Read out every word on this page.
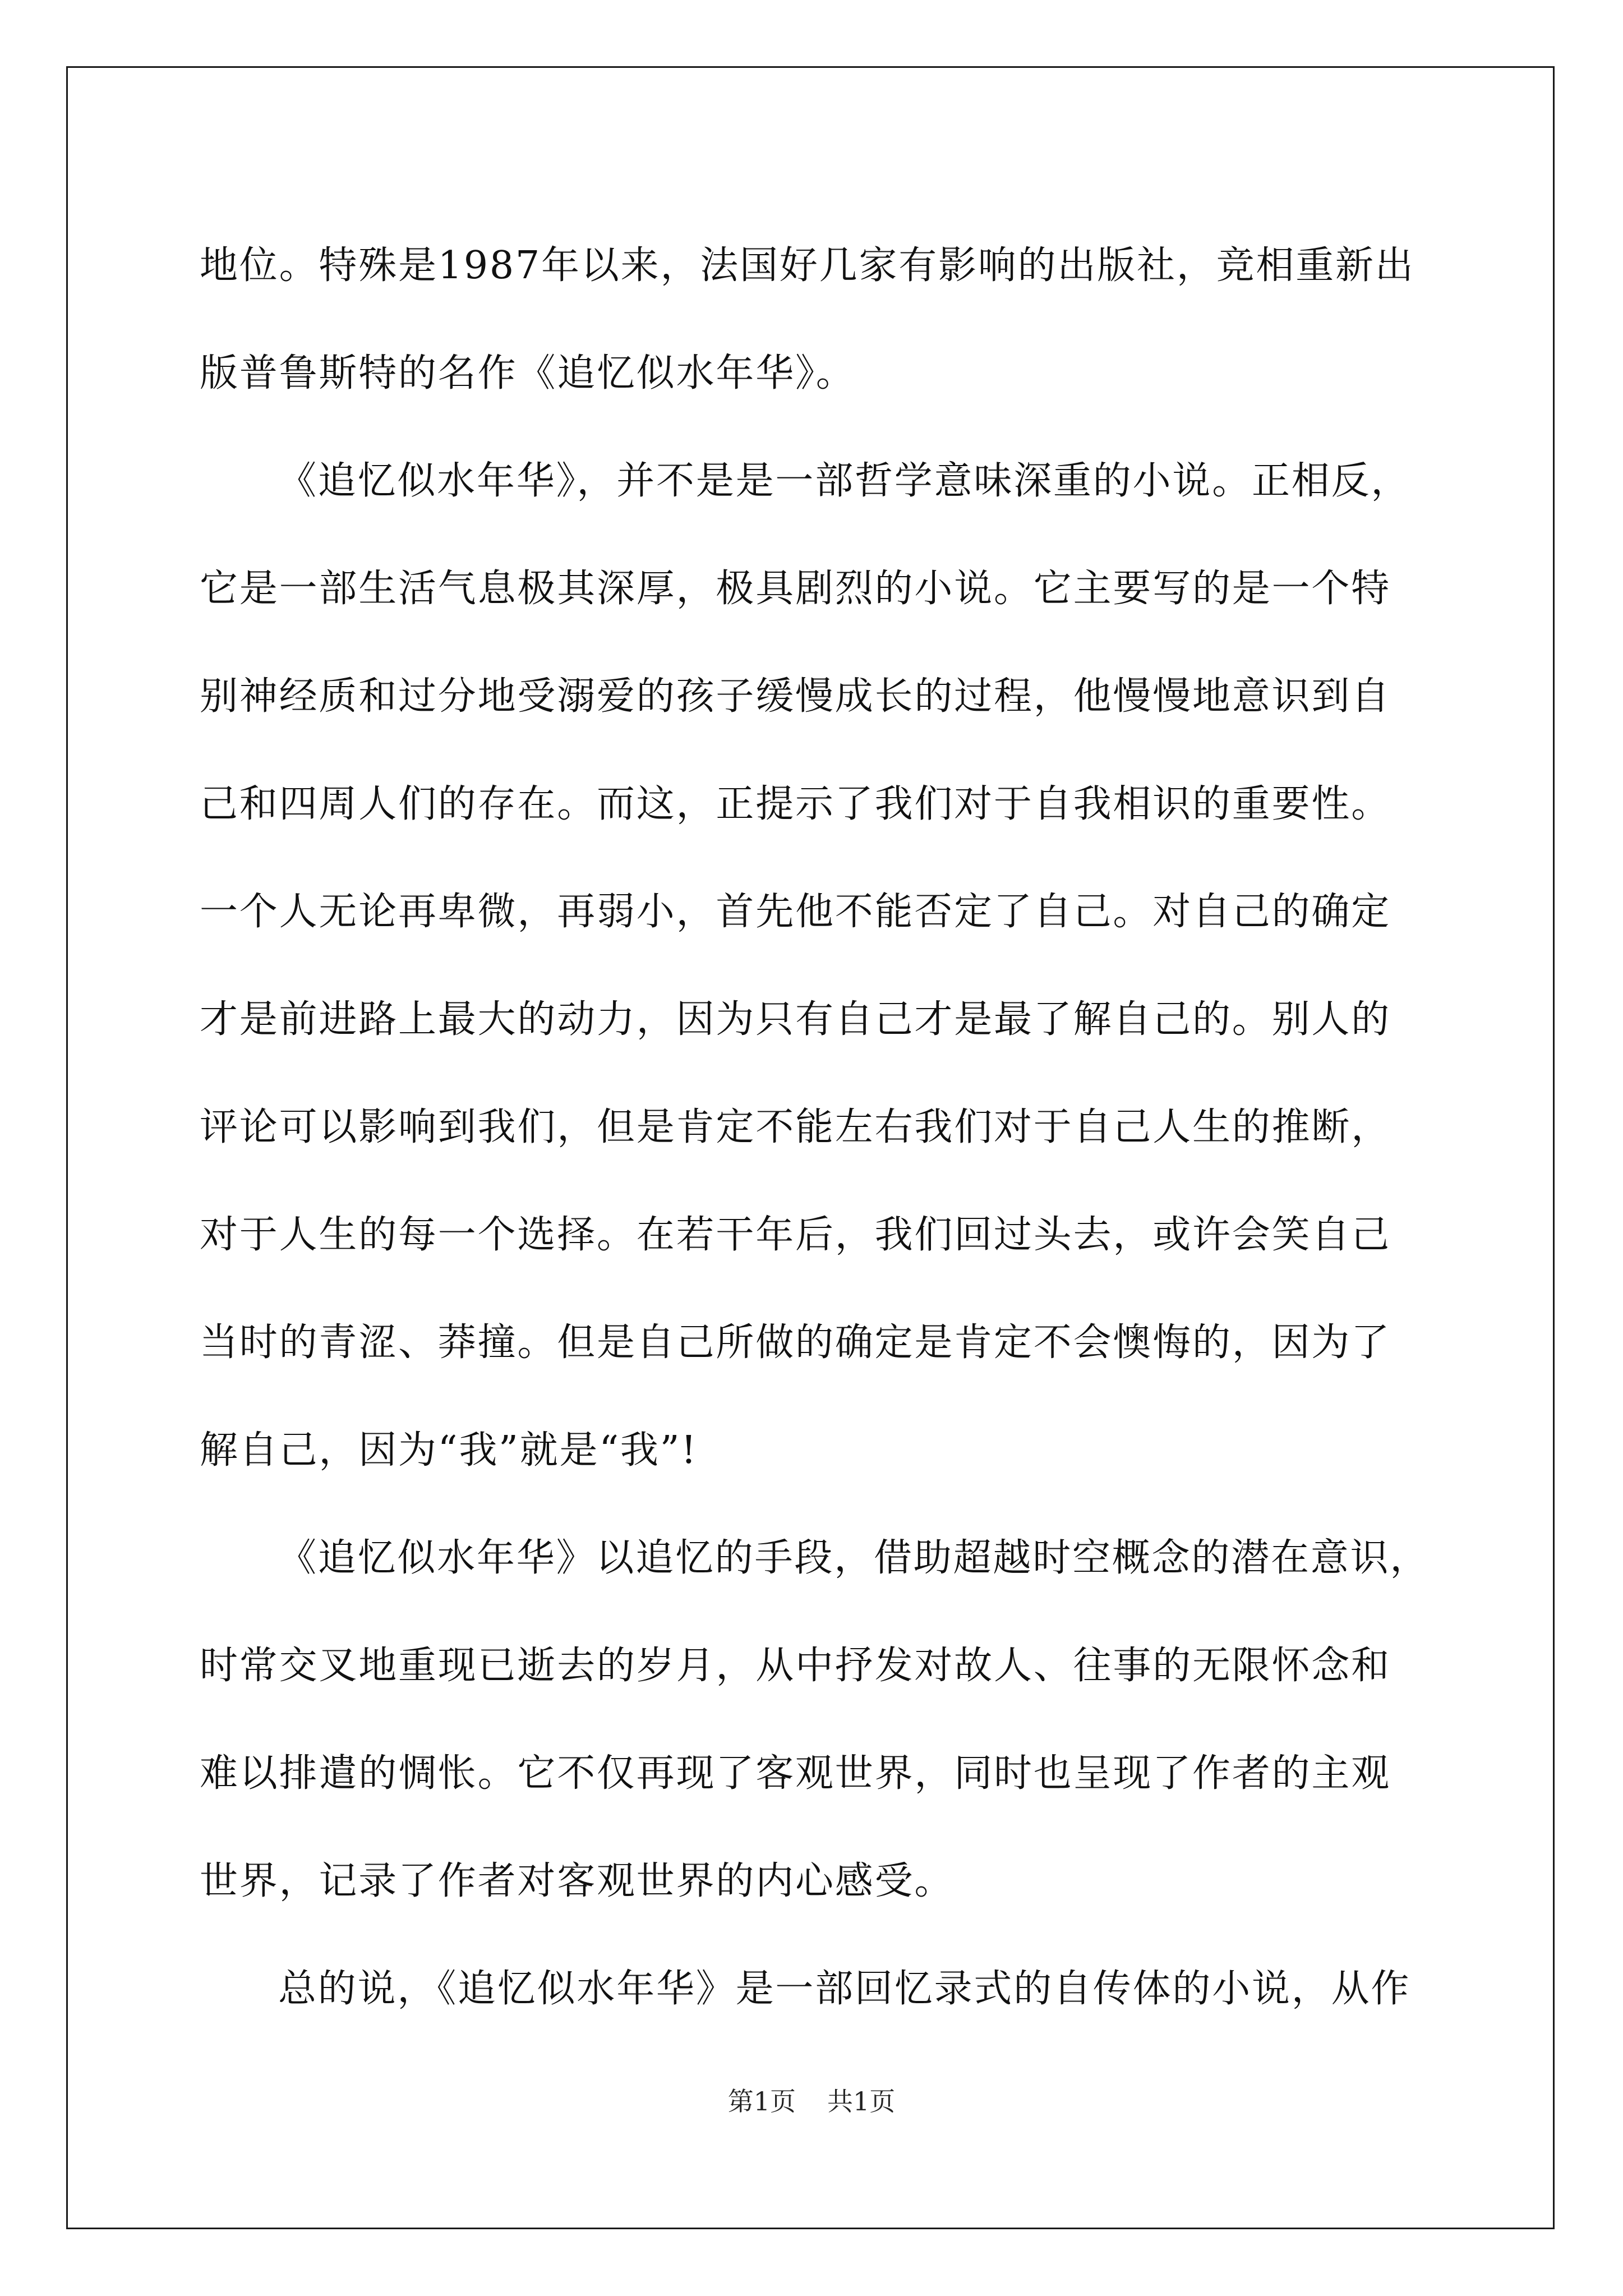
地位。特殊是1987年以来，法国好几家有影响的出版社，竞相重新出
版普鲁斯特的名作《追忆似水年华》。
《追忆似水年华》，并不是是一部哲学意味深重的小说。正相反，
它是一部生活气息极其深厚，极具剧烈的小说。它主要写的是一个特
别神经质和过分地受溺爱的孩子缓慢成长的过程，他慢慢地意识到自
己和四周人们的存在。而这，正提示了我们对于自我相识的重要性。
一个人无论再卑微，再弱小，首先他不能否定了自己。对自己的确定
才是前进路上最大的动力，因为只有自己才是最了解自己的。别人的
评论可以影响到我们，但是肯定不能左右我们对于自己人生的推断，
对于人生的每一个选择。在若干年后，我们回过头去，或许会笑自己
当时的青涩、莽撞。但是自己所做的确定是肯定不会懊悔的，因为了
解自己，因为“我”就是“我”!
《追忆似水年华》以追忆的手段，借助超越时空概念的潜在意识，
时常交叉地重现已逝去的岁月，从中抒发对故人、往事的无限怀念和
难以排遣的惆怅。它不仅再现了客观世界，同时也呈现了作者的主观
世界，记录了作者对客观世界的内心感受。
总的说，《追忆似水年华》是一部回忆录式的自传体的小说，从作
第1页 共1页
